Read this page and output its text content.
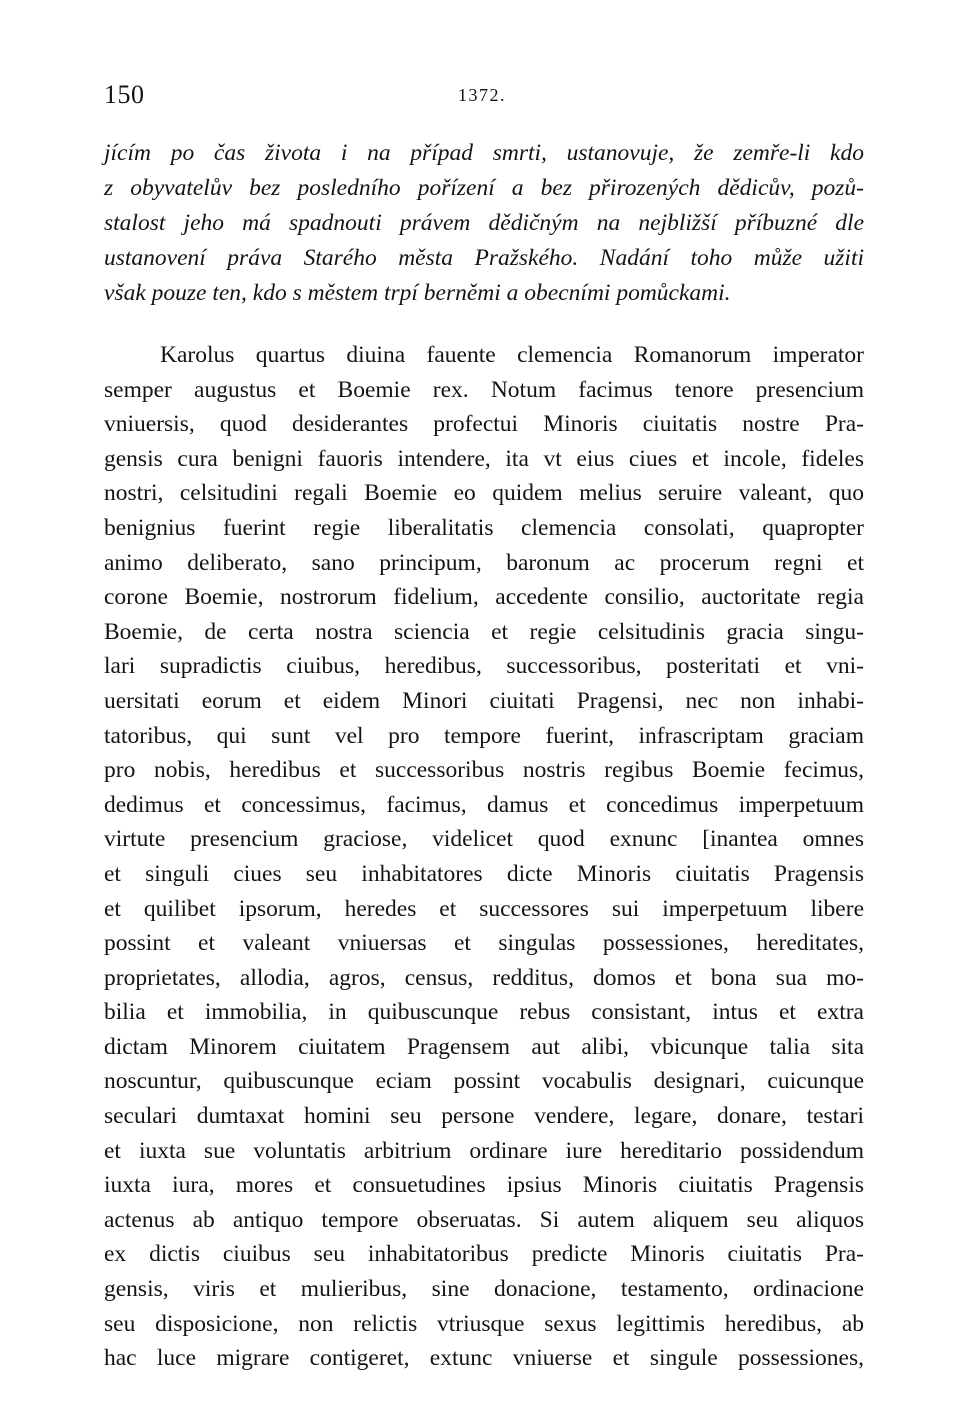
150	1372.
jícím po čas života i na případ smrti, ustanovuje, že zemře-li kdo
z obyvatelův bez posledního pořízení a bez přirozených dědicův, pozů-
stalost jeho má spadnouti právem dědičným na nejbližší příbuzné dle
ustanovení práva Starého města Pražského. Nadání toho může užiti
však pouze ten, kdo s městem trpí berněmi a obecními pomůckami.
Karolus quartus diuina fauente clemencia Romanorum imperator
semper augustus et Boemie rex. Notum facimus tenore presencium
vniuersis, quod desiderantes profectui Minoris ciuitatis nostre Pra-
gensis cura benigni fauoris intendere, ita vt eius ciues et incole, fideles
nostri, celsitudini regali Boemie eo quidem melius seruire valeant, quo
benignius fuerint regie liberalitatis clemencia consolati, quapropter
animo deliberato, sano principum, baronum ac procerum regni et
corone Boemie, nostrorum fidelium, accedente consilio, auctoritate regia
Boemie, de certa nostra sciencia et regie celsitudinis gracia singu-
lari supradictis ciuibus, heredibus, successoribus, posteritati et vni-
uersitati eorum et eidem Minori ciuitati Pragensi, nec non inhabi-
tatoribus, qui sunt vel pro tempore fuerint, infrascriptam graciam
pro nobis, heredibus et successoribus nostris regibus Boemie fecimus,
dedimus et concessimus, facimus, damus et concedimus imperpetuum
virtute presencium graciose, videlicet quod exnunc [inantea omnes
et singuli ciues seu inhabitatores dicte Minoris ciuitatis Pragensis
et quilibet ipsorum, heredes et successores sui imperpetuum libere
possint et valeant vniuersas et singulas possessiones, hereditates,
proprietates, allodia, agros, census, redditus, domos et bona sua mo-
bilia et immobilia, in quibuscunque rebus consistant, intus et extra
dictam Minorem ciuitatem Pragensem aut alibi, vbicunque talia sita
noscuntur, quibuscunque eciam possint vocabulis designari, cuicunque
seculari dumtaxat homini seu persone vendere, legare, donare, testari
et iuxta sue voluntatis arbitrium ordinare iure hereditario possidendum
iuxta iura, mores et consuetudines ipsius Minoris ciuitatis Pragensis
actenus ab antiquo tempore obseruatas. Si autem aliquem seu aliquos
ex dictis ciuibus seu inhabitatoribus predicte Minoris ciuitatis Pra-
gensis, viris et mulieribus, sine donacione, testamento, ordinacione
seu disposicione, non relictis vtriusque sexus legittimis heredibus, ab
hac luce migrare contigeret, extunc vniuerse et singule possessiones,
